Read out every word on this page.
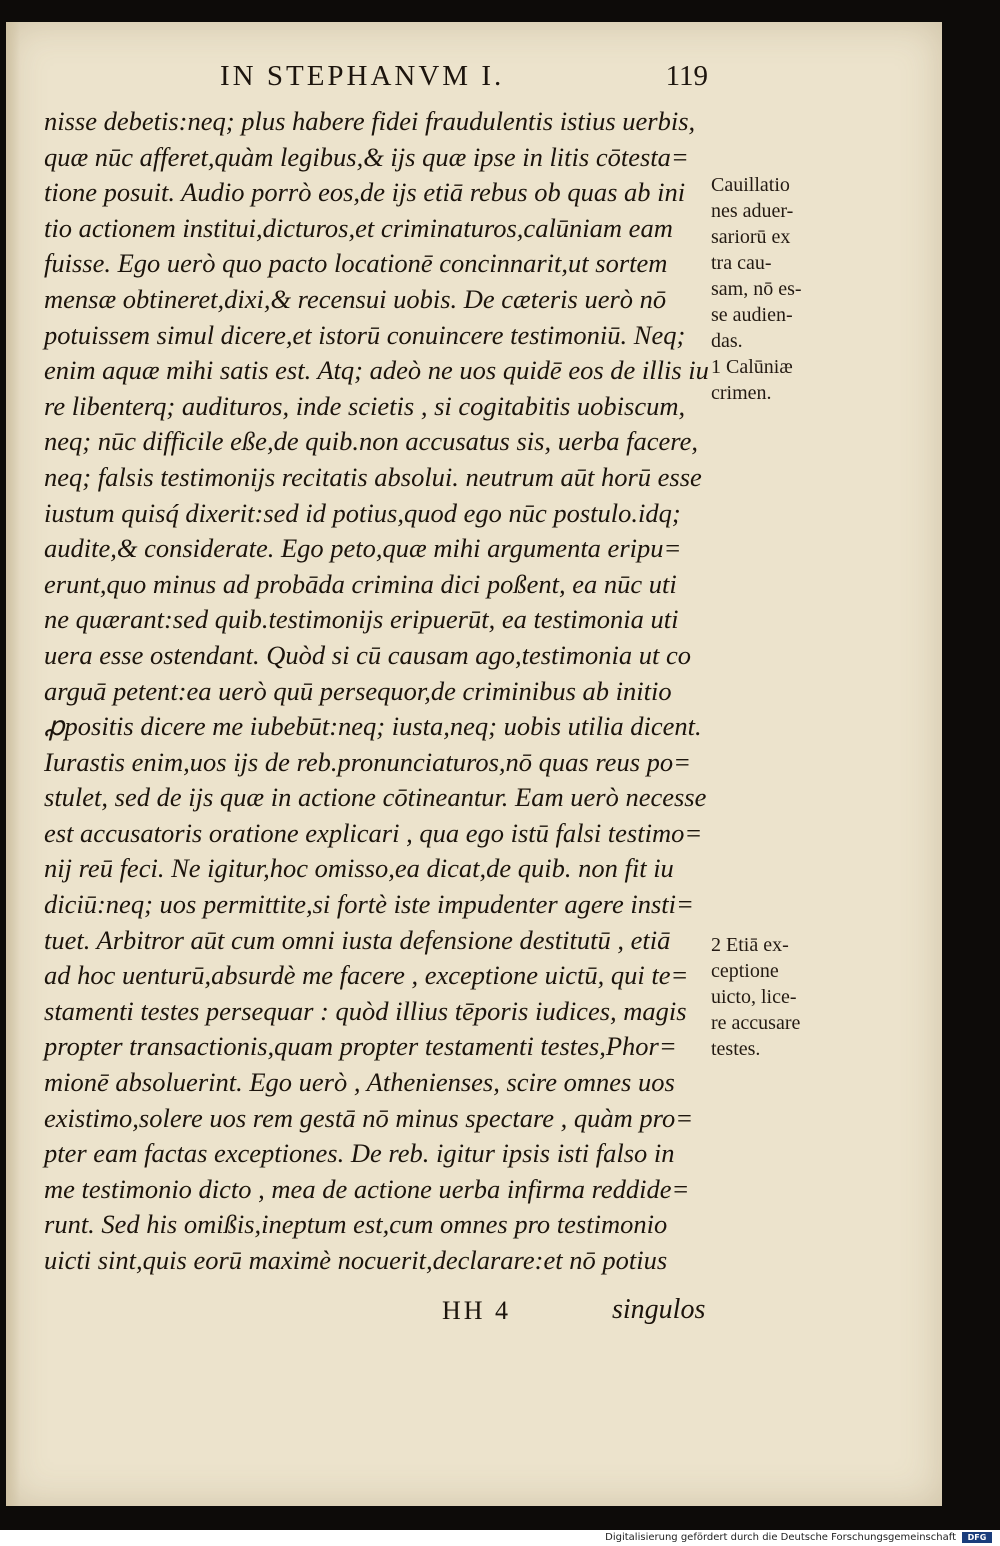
IN STEPHANVM I.	119
nisse debetis:neq; plus habere fidei fraudulentis istius uerbis,
quæ nūc afferet,quàm legibus,& ijs quæ ipse in litis cōtesta=
tione posuit. Audio porrò eos,de ijs etiā rebus ob quas ab ini
tio actionem institui,dicturos,et criminaturos,calūniam eam
fuisse. Ego uerò quo pacto locationē concinnarit,ut sortem
mensæ obtineret,dixi,& recensui uobis. De cæteris uerò nō
potuissem simul dicere,et istorū conuincere testimoniū. Neq;
enim aquæ mihi satis est. Atq; adeò ne uos quidē eos de illis iu
re libenterq; audituros, inde scietis , si cogitabitis uobiscum,
neq; nūc difficile eße,de quib.non accusatus sis, uerba facere,
neq; falsis testimonijs recitatis absolui. neutrum aūt horū esse
iustum quisq́ dixerit:sed id potius,quod ego nūc postulo.idq;
audite,& considerate. Ego peto,quæ mihi argumenta eripu=
erunt,quo minus ad probāda crimina dici poßent, ea nūc uti
ne quærant:sed quib.testimonijs eripuerūt, ea testimonia uti
uera esse ostendant. Quòd si cū causam ago,testimonia ut co
arguā petent:ea uerò quū persequor,de criminibus ab initio
ꝓpositis dicere me iubebūt:neq; iusta,neq; uobis utilia dicent.
Iurastis enim,uos ijs de reb.pronunciaturos,nō quas reus po=
stulet, sed de ijs quæ in actione cōtineantur. Eam uerò necesse
est accusatoris oratione explicari , qua ego istū falsi testimo=
nij reū feci. Ne igitur,hoc omisso,ea dicat,de quib. non fit iu
diciū:neq; uos permittite,si fortè iste impudenter agere insti=
tuet. Arbitror aūt cum omni iusta defensione destitutū , etiā
ad hoc uenturū,absurdè me facere , exceptione uictū, qui te=
stamenti testes persequar : quòd illius tēporis iudices, magis
propter transactionis,quam propter testamenti testes,Phor=
mionē absoluerint. Ego uerò , Athenienses, scire omnes uos
existimo,solere uos rem gestā nō minus spectare , quàm pro=
pter eam factas exceptiones. De reb. igitur ipsis isti falso in
me testimonio dicto , mea de actione uerba infirma reddide=
runt. Sed his omißis,ineptum est,cum omnes pro testimonio
uicti sint,quis eorū maximè nocuerit,declarare:et nō potius
Cauillatio
nes aduer-
sariorū ex
tra cau-
sam, nō es-
se audien-
das.
1 Calūniæ
crimen.
2 Etiā ex-
ceptione
uicto, lice-
re accusare
testes.
HH 4	singulos
Digitalisierung gefördert durch die Deutsche Forschungsgemeinschaft	DFG
